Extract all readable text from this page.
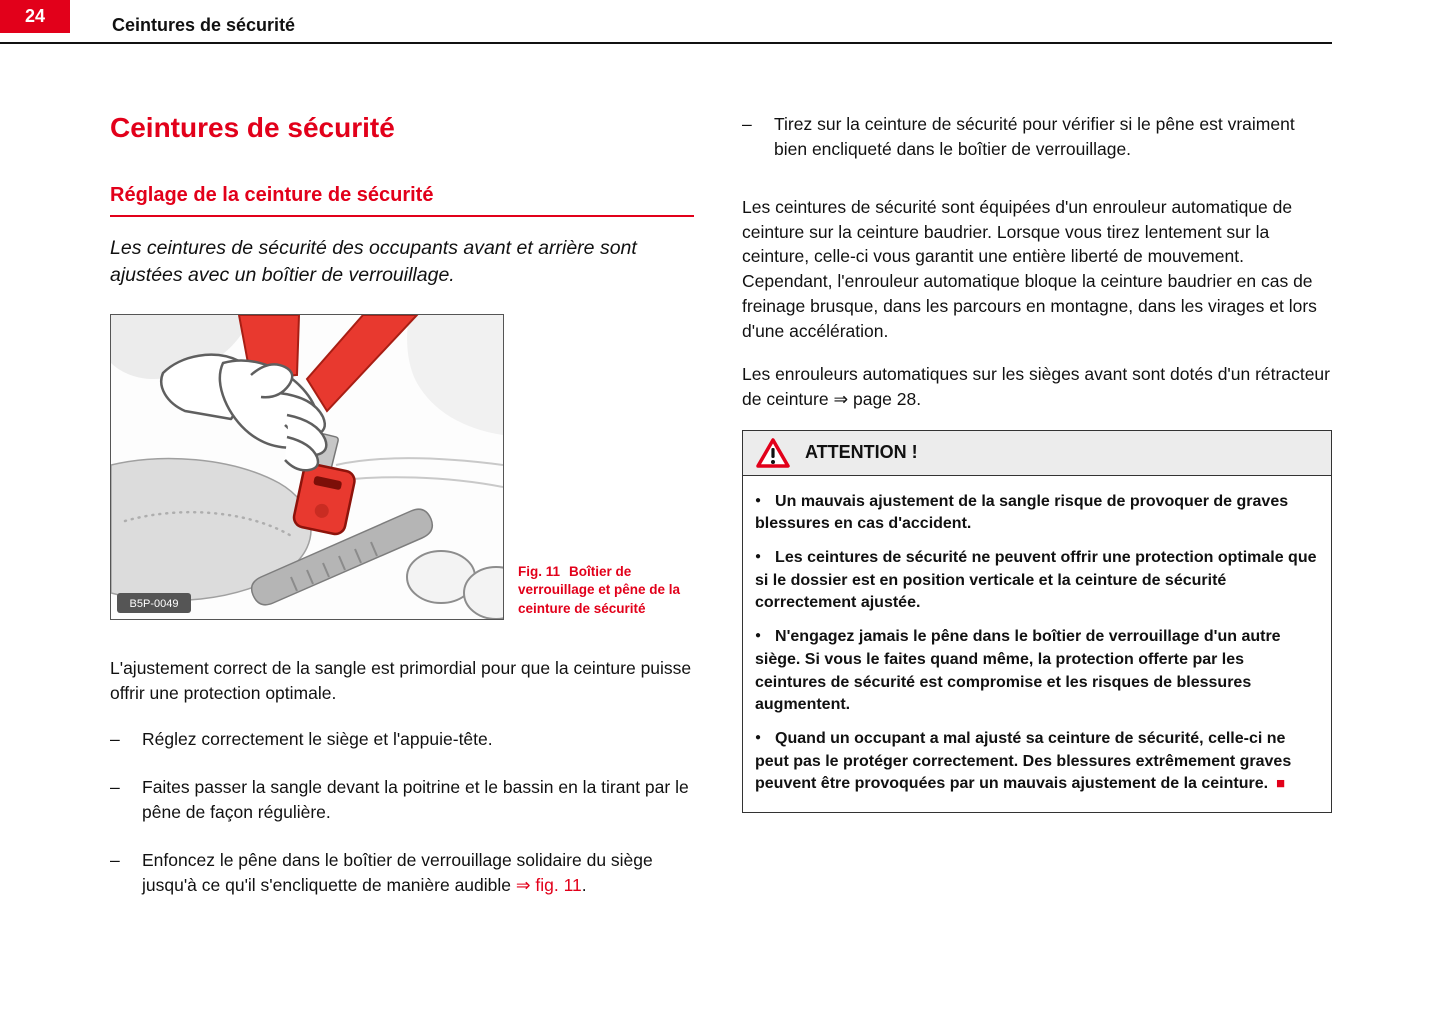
24	Ceintures de sécurité
Ceintures de sécurité
Réglage de la ceinture de sécurité

Les ceintures de sécurité des occupants avant et arrière sont ajustées avec un boîtier de verrouillage.

B5P-0049
Fig. 11 Boîtier de verrouillage et pêne de la ceinture de sécurité

L'ajustement correct de la sangle est primordial pour que la ceinture puisse offrir une protection optimale.

–	Réglez correctement le siège et l'appuie-tête.
–	Faites passer la sangle devant la poitrine et le bassin en la tirant par le pêne de façon régulière.
–	Enfoncez le pêne dans le boîtier de verrouillage solidaire du siège jusqu'à ce qu'il s'encliquette de manière audible ⇒ fig. 11.
–	Tirez sur la ceinture de sécurité pour vérifier si le pêne est vraiment bien encliqueté dans le boîtier de verrouillage.

Les ceintures de sécurité sont équipées d'un enrouleur automatique de ceinture sur la ceinture baudrier. Lorsque vous tirez lentement sur la ceinture, celle-ci vous garantit une entière liberté de mouvement. Cependant, l'enrouleur automatique bloque la ceinture baudrier en cas de freinage brusque, dans les parcours en montagne, dans les virages et lors d'une accélération.

Les enrouleurs automatiques sur les sièges avant sont dotés d'un rétracteur de ceinture ⇒ page 28.

ATTENTION !

● Un mauvais ajustement de la sangle risque de provoquer de graves blessures en cas d'accident.

● Les ceintures de sécurité ne peuvent offrir une protection optimale que si le dossier est en position verticale et la ceinture de sécurité correctement ajustée.

● N'engagez jamais le pêne dans le boîtier de verrouillage d'un autre siège. Si vous le faites quand même, la protection offerte par les ceintures de sécurité est compromise et les risques de blessures augmentent.

● Quand un occupant a mal ajusté sa ceinture de sécurité, celle-ci ne peut pas le protéger correctement. Des blessures extrêmement graves peuvent être provoquées par un mauvais ajustement de la ceinture. ■
